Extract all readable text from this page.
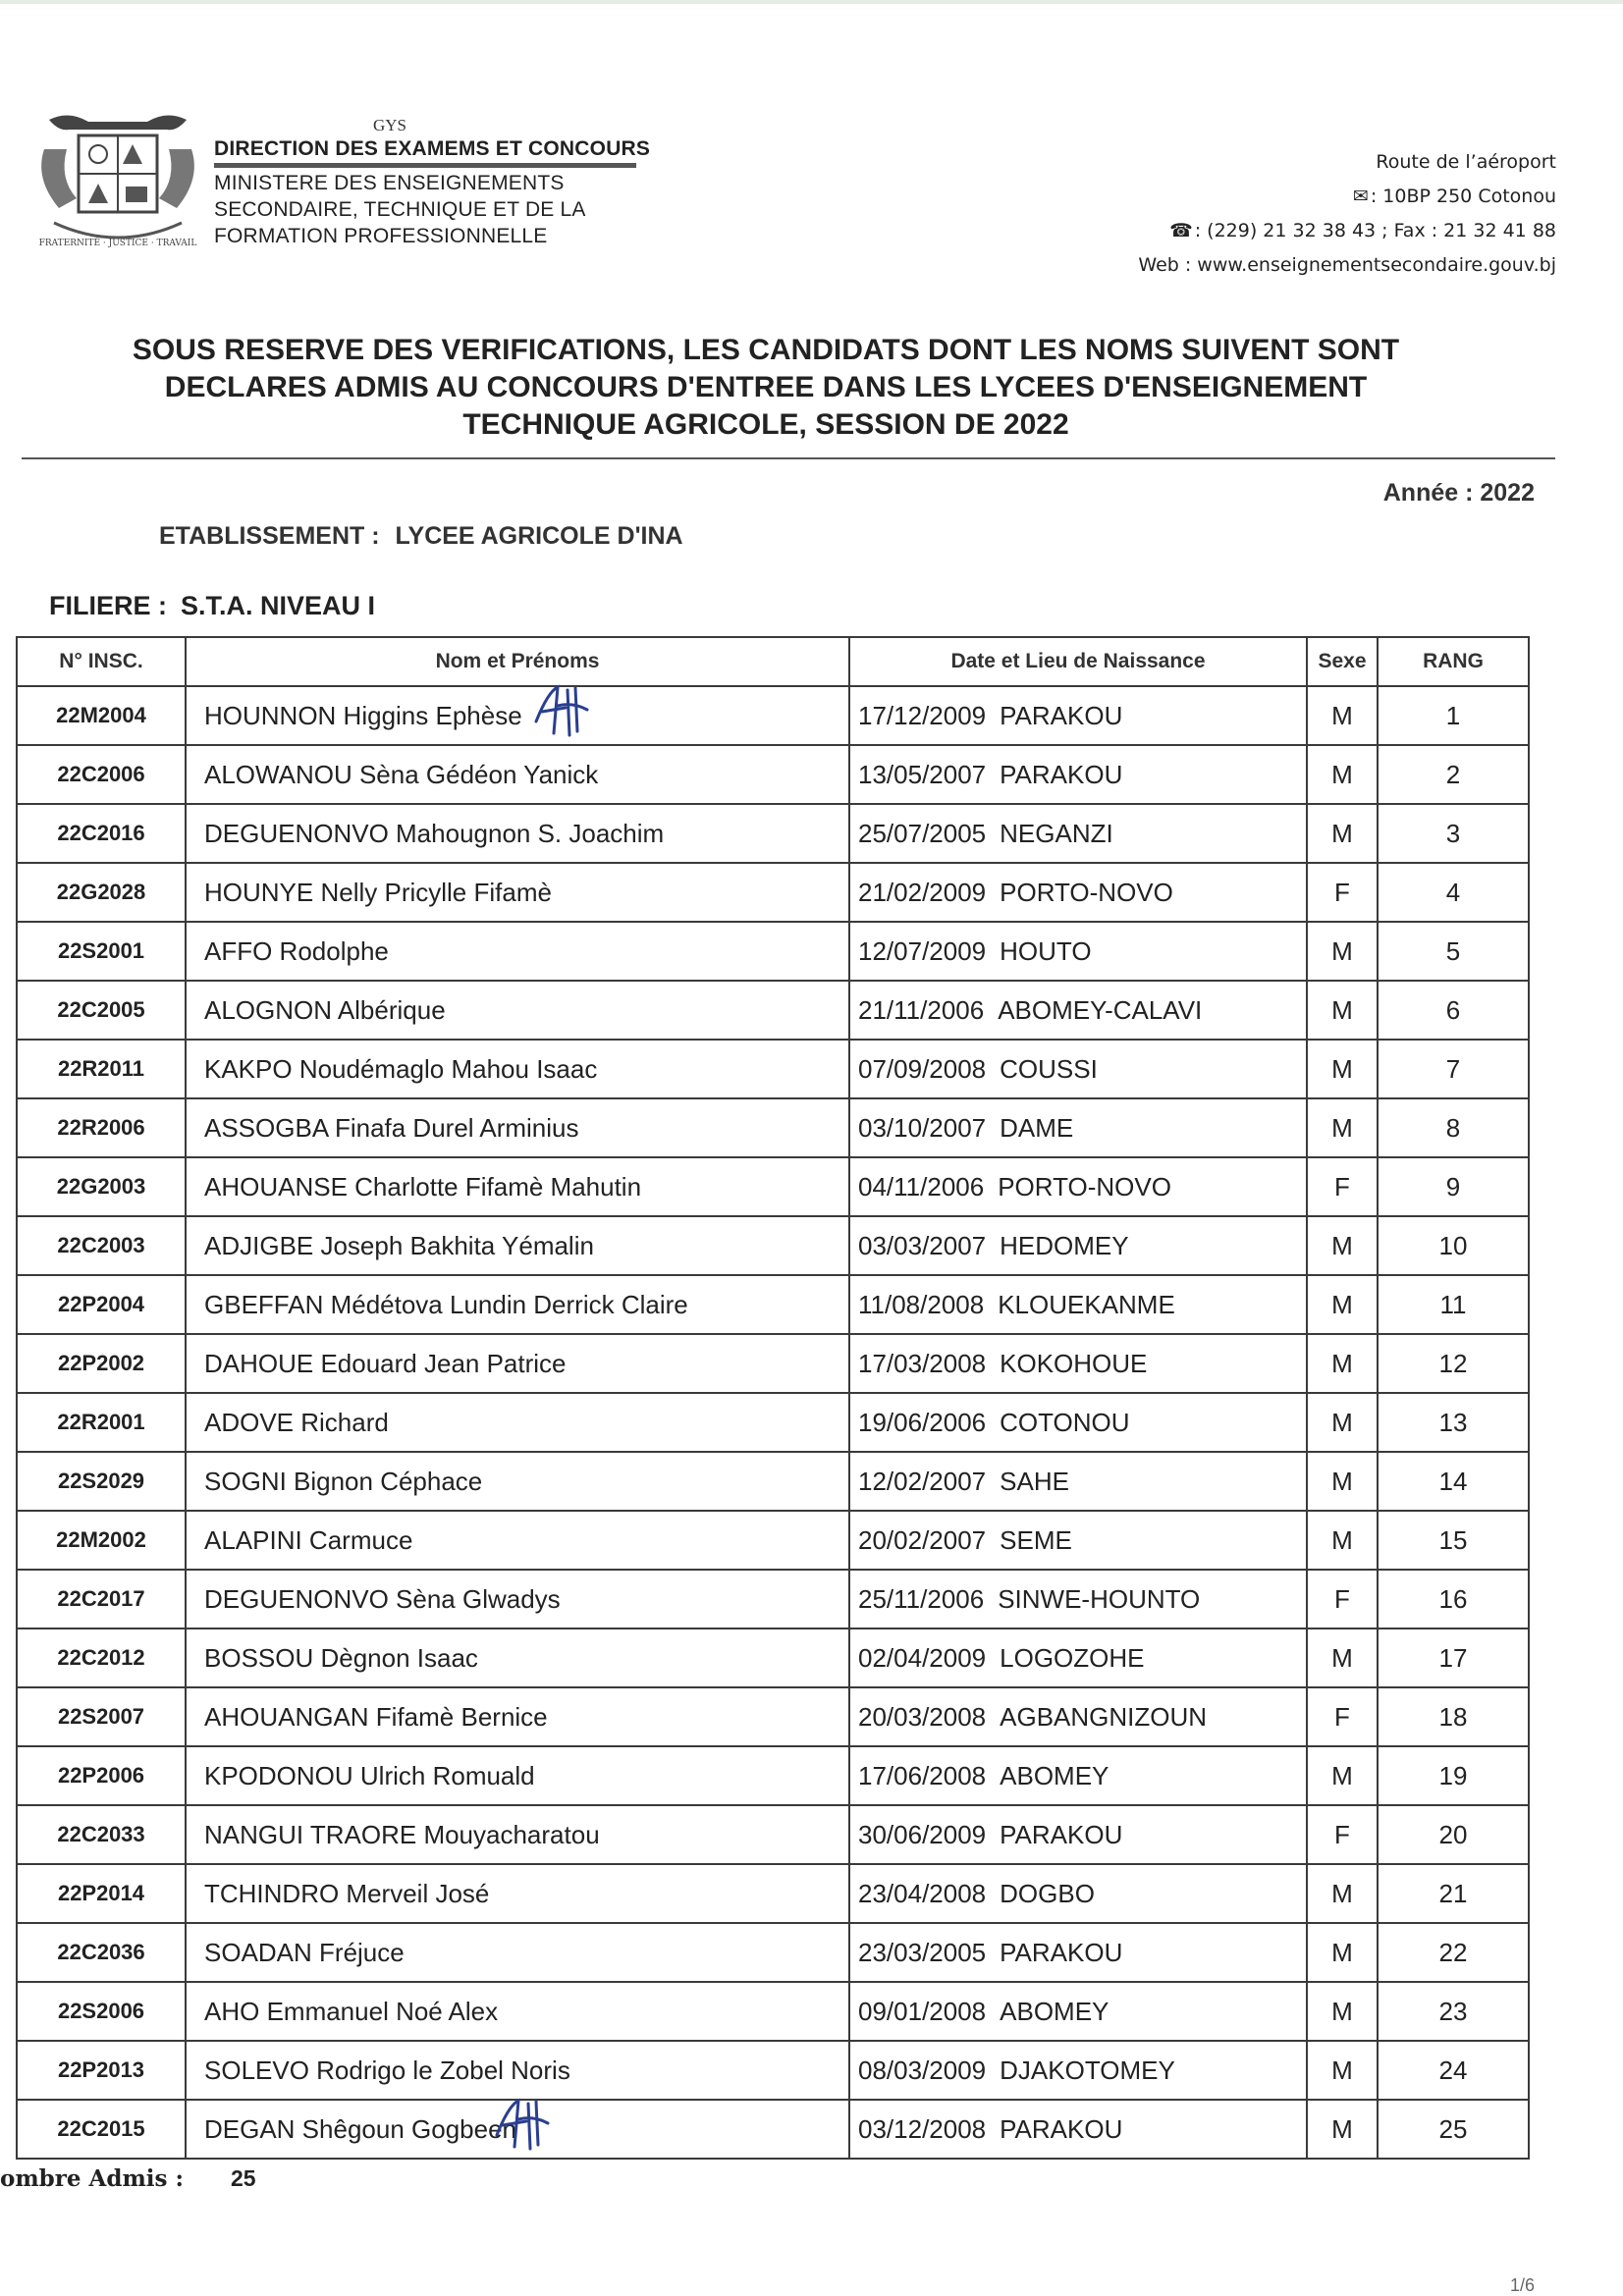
FRATERNITÉ · JUSTICE · TRAVAIL
GYS
DIRECTION DES EXAMEMS ET CONCOURS
MINISTERE DES ENSEIGNEMENTS
SECONDAIRE, TECHNIQUE ET DE LA
FORMATION PROFESSIONNELLE
Route de l’aéroport
✉ : 10BP 250 Cotonou
☎ : (229) 21 32 38 43 ; Fax : 21 32 41 88
Web : www.enseignementsecondaire.gouv.bj
SOUS RESERVE DES VERIFICATIONS, LES CANDIDATS DONT LES NOMS SUIVENT SONT
DECLARES ADMIS AU CONCOURS D'ENTREE DANS LES LYCEES D'ENSEIGNEMENT
TECHNIQUE AGRICOLE, SESSION DE 2022
Année : 2022
ETABLISSEMENT : LYCEE AGRICOLE D'INA
FILIERE : S.T.A. NIVEAU I
N° INSC.	Nom et Prénoms	Date et Lieu de Naissance	Sexe	RANG
22M2004	HOUNNON Higgins Ephèse	17/12/2009 PARAKOU	M	1
22C2006	ALOWANOU Sèna Gédéon Yanick	13/05/2007 PARAKOU	M	2
22C2016	DEGUENONVO Mahougnon S. Joachim	25/07/2005 NEGANZI	M	3
22G2028	HOUNYE Nelly Pricylle Fifamè	21/02/2009 PORTO-NOVO	F	4
22S2001	AFFO Rodolphe	12/07/2009 HOUTO	M	5
22C2005	ALOGNON Albérique	21/11/2006 ABOMEY-CALAVI	M	6
22R2011	KAKPO Noudémaglo Mahou Isaac	07/09/2008 COUSSI	M	7
22R2006	ASSOGBA Finafa Durel Arminius	03/10/2007 DAME	M	8
22G2003	AHOUANSE Charlotte Fifamè Mahutin	04/11/2006 PORTO-NOVO	F	9
22C2003	ADJIGBE Joseph Bakhita Yémalin	03/03/2007 HEDOMEY	M	10
22P2004	GBEFFAN Médétova Lundin Derrick Claire	11/08/2008 KLOUEKANME	M	11
22P2002	DAHOUE Edouard Jean Patrice	17/03/2008 KOKOHOUE	M	12
22R2001	ADOVE Richard	19/06/2006 COTONOU	M	13
22S2029	SOGNI Bignon Céphace	12/02/2007 SAHE	M	14
22M2002	ALAPINI Carmuce	20/02/2007 SEME	M	15
22C2017	DEGUENONVO Sèna Glwadys	25/11/2006 SINWE-HOUNTO	F	16
22C2012	BOSSOU Dègnon Isaac	02/04/2009 LOGOZOHE	M	17
22S2007	AHOUANGAN Fifamè Bernice	20/03/2008 AGBANGNIZOUN	F	18
22P2006	KPODONOU Ulrich Romuald	17/06/2008 ABOMEY	M	19
22C2033	NANGUI TRAORE Mouyacharatou	30/06/2009 PARAKOU	F	20
22P2014	TCHINDRO Merveil José	23/04/2008 DOGBO	M	21
22C2036	SOADAN Fréjuce	23/03/2005 PARAKOU	M	22
22S2006	AHO Emmanuel Noé Alex	09/01/2008 ABOMEY	M	23
22P2013	SOLEVO Rodrigo le Zobel Noris	08/03/2009 DJAKOTOMEY	M	24
22C2015	DEGAN Shêgoun Gogbeen	03/12/2008 PARAKOU	M	25
ombre Admis : 25
1/6
